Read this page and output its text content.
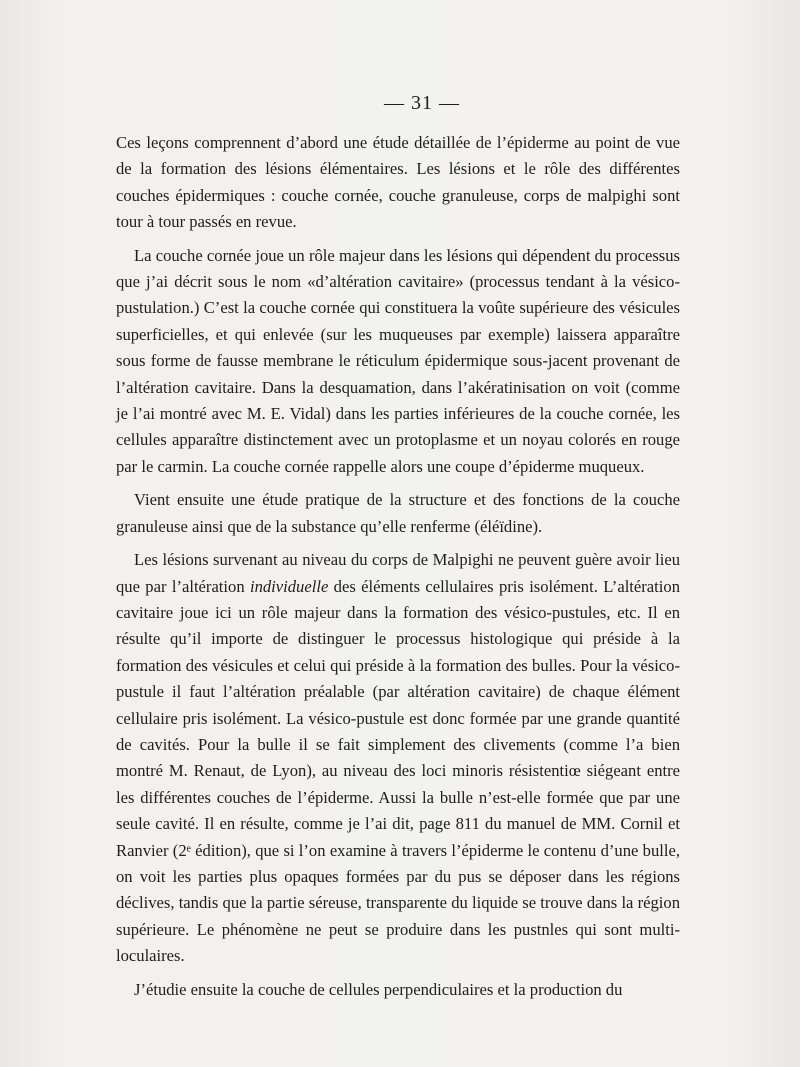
— 31 —

Ces leçons comprennent d’abord une étude détaillée de l’épiderme au point de vue de la formation des lésions élémentaires. Les lésions et le rôle des différentes couches épidermiques : couche cornée, couche granuleuse, corps de malpighi sont tour à tour passés en revue.

La couche cornée joue un rôle majeur dans les lésions qui dépendent du processus que j’ai décrit sous le nom «d’altération cavitaire» (processus tendant à la vésico-pustulation.) C’est la couche cornée qui constituera la voûte supérieure des vésicules superficielles, et qui enlevée (sur les muqueuses par exemple) laissera apparaître sous forme de fausse membrane le réticulum épidermique sous-jacent provenant de l’altération cavitaire. Dans la desquamation, dans l’akératinisation on voit (comme je l’ai montré avec M. E. Vidal) dans les parties inférieures de la couche cornée, les cellules apparaître distinctement avec un protoplasme et un noyau colorés en rouge par le carmin. La couche cornée rappelle alors une coupe d’épiderme muqueux.

Vient ensuite une étude pratique de la structure et des fonctions de la couche granuleuse ainsi que de la substance qu’elle renferme (éléïdine).

Les lésions survenant au niveau du corps de Malpighi ne peuvent guère avoir lieu que par l’altération individuelle des éléments cellulaires pris isolément. L’altération cavitaire joue ici un rôle majeur dans la formation des vésico-pustules, etc. Il en résulte qu’il importe de distinguer le processus histologique qui préside à la formation des vésicules et celui qui préside à la formation des bulles. Pour la vésico-pustule il faut l’altération préalable (par altération cavitaire) de chaque élément cellulaire pris isolément. La vésico-pustule est donc formée par une grande quantité de cavités. Pour la bulle il se fait simplement des clivements (comme l’a bien montré M. Renaut, de Lyon), au niveau des loci minoris résistentiœ siégeant entre les différentes couches de l’épiderme. Aussi la bulle n’est-elle formée que par une seule cavité. Il en résulte, comme je l’ai dit, page 811 du manuel de MM. Cornil et Ranvier (2ᵉ édition), que si l’on examine à travers l’épiderme le contenu d’une bulle, on voit les parties plus opaques formées par du pus se déposer dans les régions déclives, tandis que la partie séreuse, transparente du liquide se trouve dans la région supérieure. Le phénomène ne peut se produire dans les pustnles qui sont multi-loculaires.

J’étudie ensuite la couche de cellules perpendiculaires et la production du
